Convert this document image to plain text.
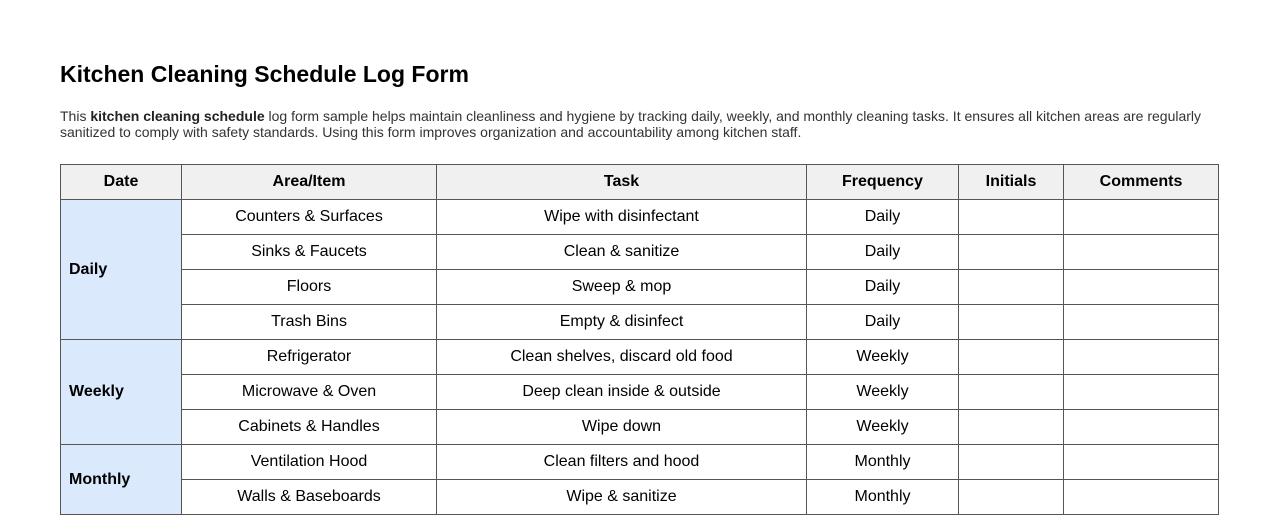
Kitchen Cleaning Schedule Log Form

This kitchen cleaning schedule log form sample helps maintain cleanliness and hygiene by tracking daily, weekly, and monthly cleaning tasks. It ensures all kitchen areas are regularly sanitized to comply with safety standards. Using this form improves organization and accountability among kitchen staff.

Date	Area/Item	Task	Frequency	Initials	Comments
Daily	Counters & Surfaces	Wipe with disinfectant	Daily		
	Sinks & Faucets	Clean & sanitize	Daily		
	Floors	Sweep & mop	Daily		
	Trash Bins	Empty & disinfect	Daily		
Weekly	Refrigerator	Clean shelves, discard old food	Weekly		
	Microwave & Oven	Deep clean inside & outside	Weekly		
	Cabinets & Handles	Wipe down	Weekly		
Monthly	Ventilation Hood	Clean filters and hood	Monthly		
	Walls & Baseboards	Wipe & sanitize	Monthly		
